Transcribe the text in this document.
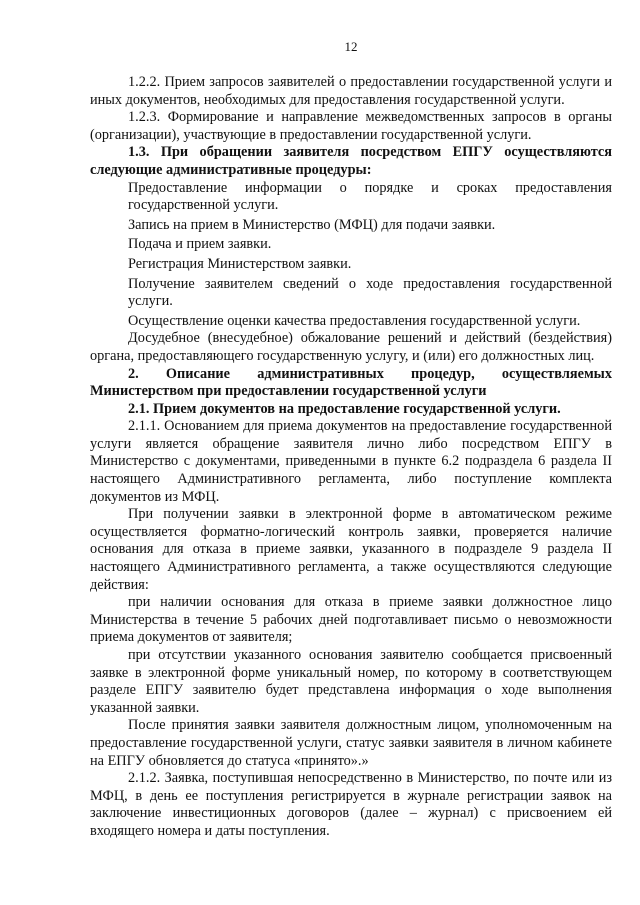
12

1.2.2. Прием запросов заявителей о предоставлении государственной услуги и иных документов, необходимых для предоставления государственной услуги.

1.2.3. Формирование и направление межведомственных запросов в органы (организации), участвующие в предоставлении государственной услуги.

1.3. При обращении заявителя посредством ЕПГУ осуществляются следующие административные процедуры:

Предоставление информации о порядке и сроках предоставления государственной услуги.

Запись на прием в Министерство (МФЦ) для подачи заявки.

Подача и прием заявки.

Регистрация Министерством заявки.

Получение заявителем сведений о ходе предоставления государственной услуги.

Осуществление оценки качества предоставления государственной услуги.

Досудебное (внесудебное) обжалование решений и действий (бездействия) органа, предоставляющего государственную услугу, и (или) его должностных лиц.

2. Описание административных процедур, осуществляемых Министерством при предоставлении государственной услуги

2.1. Прием документов на предоставление государственной услуги.

2.1.1. Основанием для приема документов на предоставление государственной услуги является обращение заявителя лично либо посредством ЕПГУ в Министерство с документами, приведенными в пункте 6.2 подраздела 6 раздела II настоящего Административного регламента, либо поступление комплекта документов из МФЦ.

При получении заявки в электронной форме в автоматическом режиме осуществляется форматно-логический контроль заявки, проверяется наличие основания для отказа в приеме заявки, указанного в подразделе 9 раздела II настоящего Административного регламента, а также осуществляются следующие действия:

при наличии основания для отказа в приеме заявки должностное лицо Министерства в течение 5 рабочих дней подготавливает письмо о невозможности приема документов от заявителя;

при отсутствии указанного основания заявителю сообщается присвоенный заявке в электронной форме уникальный номер, по которому в соответствующем разделе ЕПГУ заявителю будет представлена информация о ходе выполнения указанной заявки.

После принятия заявки заявителя должностным лицом, уполномоченным на предоставление государственной услуги, статус заявки заявителя в личном кабинете на ЕПГУ обновляется до статуса «принято».»

2.1.2. Заявка, поступившая непосредственно в Министерство, по почте или из МФЦ, в день ее поступления регистрируется в журнале регистрации заявок на заключение инвестиционных договоров (далее – журнал) с присвоением ей входящего номера и даты поступления.
